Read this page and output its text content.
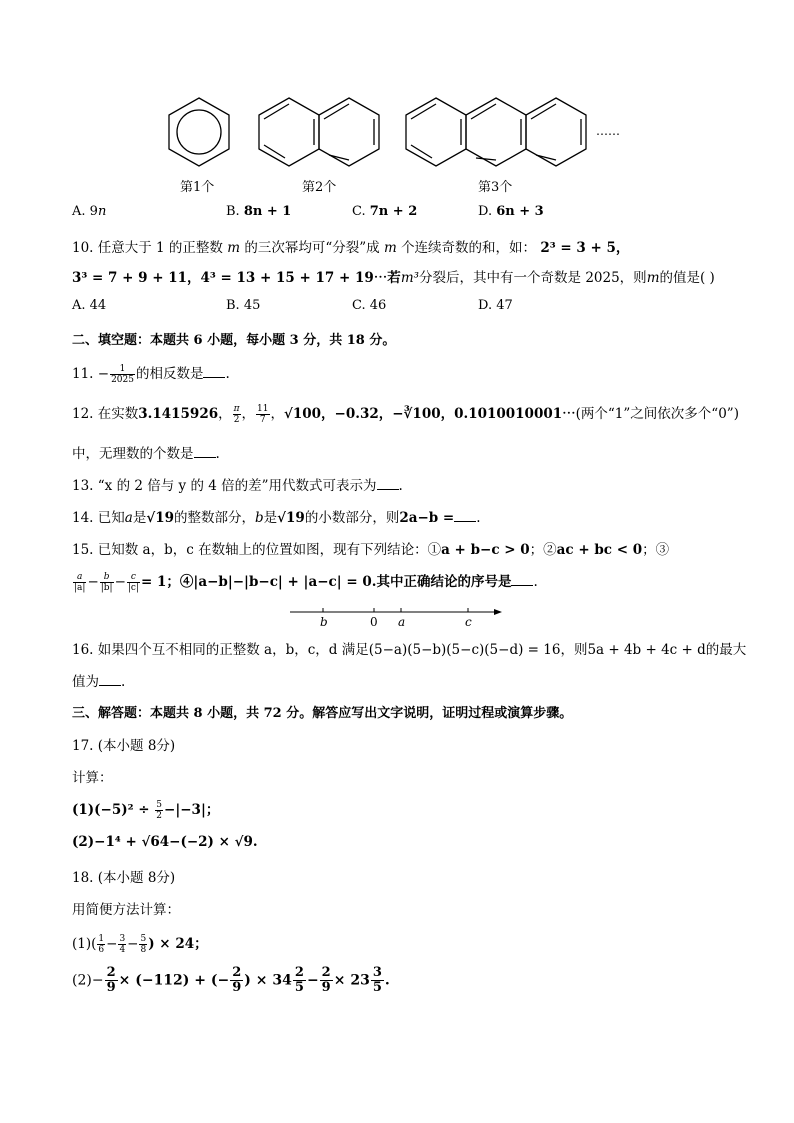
……
第1个	第2个	第3个
A. 9n	B. 8n + 1	C. 7n + 2	D. 6n + 3
10. 任意大于 1 的正整数 m 的三次幂均可“分裂”成 m 个连续奇数的和，如： 2³ = 3 + 5，
3³ = 7 + 9 + 11，4³ = 13 + 15 + 17 + 19⋯若m³分裂后，其中有一个奇数是 2025，则m的值是( )
A. 44	B. 45	C. 46	D. 47
二、填空题：本题共 6 小题，每小题 3 分，共 18 分。
11. − $\frac{1}{2025}$ 的相反数是 .
12. 在实数3.1415926， $\frac{\pi}{2}$ ， $\frac{11}{7}$ ，√100，−0.32，−∛100，0.1010010001⋯(两个“1”之间依次多个“0”)
中，无理数的个数是 .
13. “x 的 2 倍与 y 的 4 倍的差”用代数式可表示为 .
14. 已知a是√19的整数部分，b是√19的小数部分，则2a−b = .
15. 已知数 a，b，c 在数轴上的位置如图，现有下列结论：①a + b−c > 0；②ac + bc < 0；③
$\frac{a}{|a|} - \frac{b}{|b|} - \frac{c}{|c|} = 1$；④|a−b|−|b−c| + |a−c| = 0.其中正确结论的序号是 .
b	0 a	c
16. 如果四个互不相同的正整数 a，b，c，d 满足(5−a)(5−b)(5−c)(5−d) = 16，则5a + 4b + 4c + d的最大
值为 .
三、解答题：本题共 8 小题，共 72 分。解答应写出文字说明，证明过程或演算步骤。
17. (本小题 8分)
计算：
$(1)(-5)^2 \div \frac{5}{2} -|-3|$；
(2)−1⁴ + √64−(−2) × √9.
18. (本小题 8分)
用简便方法计算：
$(1)( \frac{1}{6} - \frac{3}{4} - \frac{5}{8}$ ) × 24；
$(2)- \frac{2}{9} \times (-112)$ + (− $\frac{2}{9}$ ) × $34 \frac{2}{5} - \frac{2}{9} \times 23 \frac{3}{5}$ .
